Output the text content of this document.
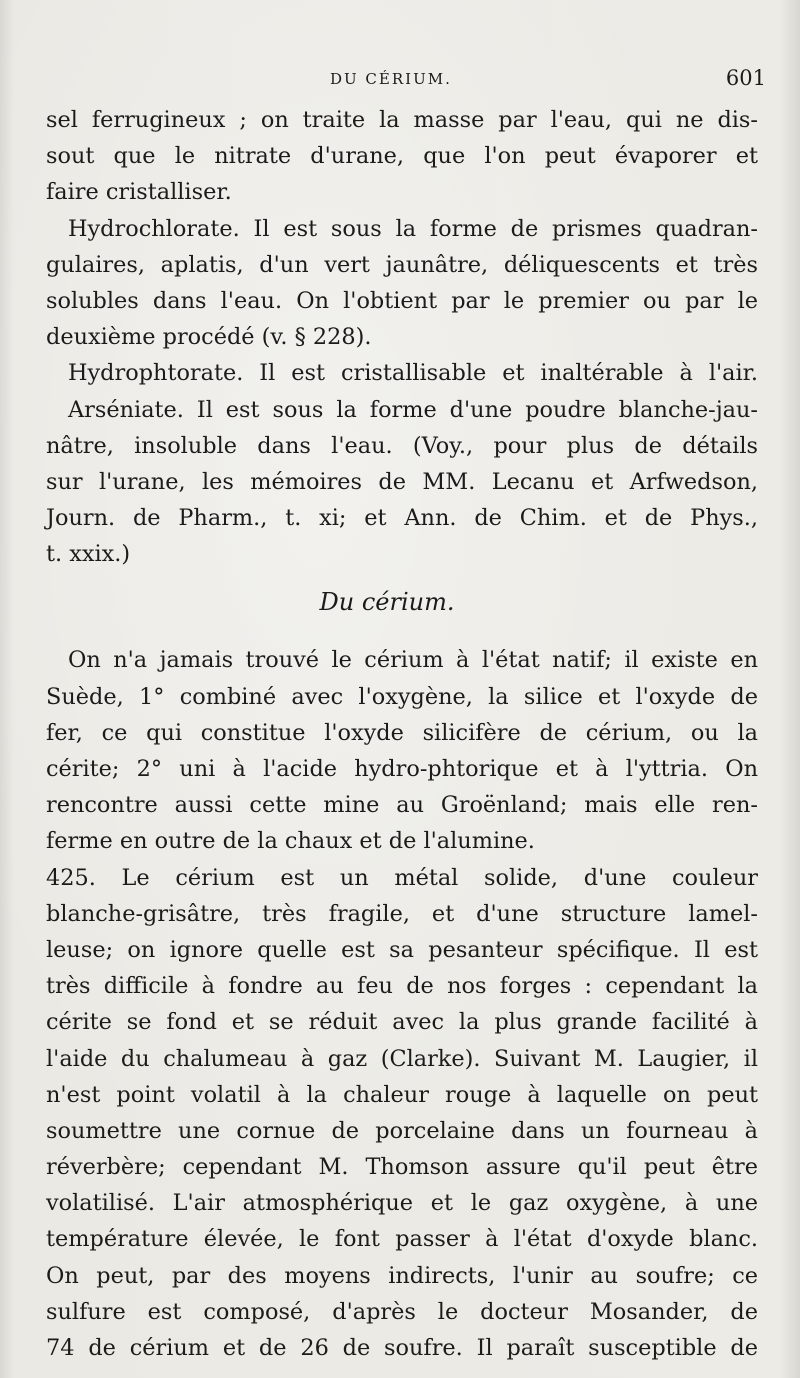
DU CÉRIUM.	601
sel ferrugineux ; on traite la masse par l'eau, qui ne dis-
sout que le nitrate d'urane, que l'on peut évaporer et
faire cristalliser.
Hydrochlorate. Il est sous la forme de prismes quadran-
gulaires, aplatis, d'un vert jaunâtre, déliquescents et très
solubles dans l'eau. On l'obtient par le premier ou par le
deuxième procédé (v. § 228).
Hydrophtorate. Il est cristallisable et inaltérable à l'air.
Arséniate. Il est sous la forme d'une poudre blanche-jau-
nâtre, insoluble dans l'eau. (Voy., pour plus de détails
sur l'urane, les mémoires de MM. Lecanu et Arfwedson,
Journ. de Pharm., t. xi; et Ann. de Chim. et de Phys.,
t. xxix.)
Du cérium.
On n'a jamais trouvé le cérium à l'état natif; il existe en
Suède, 1° combiné avec l'oxygène, la silice et l'oxyde de
fer, ce qui constitue l'oxyde silicifère de cérium, ou la
cérite; 2° uni à l'acide hydro-phtorique et à l'yttria. On
rencontre aussi cette mine au Groënland; mais elle ren-
ferme en outre de la chaux et de l'alumine.
425. Le cérium est un métal solide, d'une couleur
blanche-grisâtre, très fragile, et d'une structure lamel-
leuse; on ignore quelle est sa pesanteur spécifique. Il est
très difficile à fondre au feu de nos forges : cependant la
cérite se fond et se réduit avec la plus grande facilité à
l'aide du chalumeau à gaz (Clarke). Suivant M. Laugier, il
n'est point volatil à la chaleur rouge à laquelle on peut
soumettre une cornue de porcelaine dans un fourneau à
réverbère; cependant M. Thomson assure qu'il peut être
volatilisé. L'air atmosphérique et le gaz oxygène, à une
température élevée, le font passer à l'état d'oxyde blanc.
On peut, par des moyens indirects, l'unir au soufre; ce
sulfure est composé, d'après le docteur Mosander, de
74 de cérium et de 26 de soufre. Il paraît susceptible de
